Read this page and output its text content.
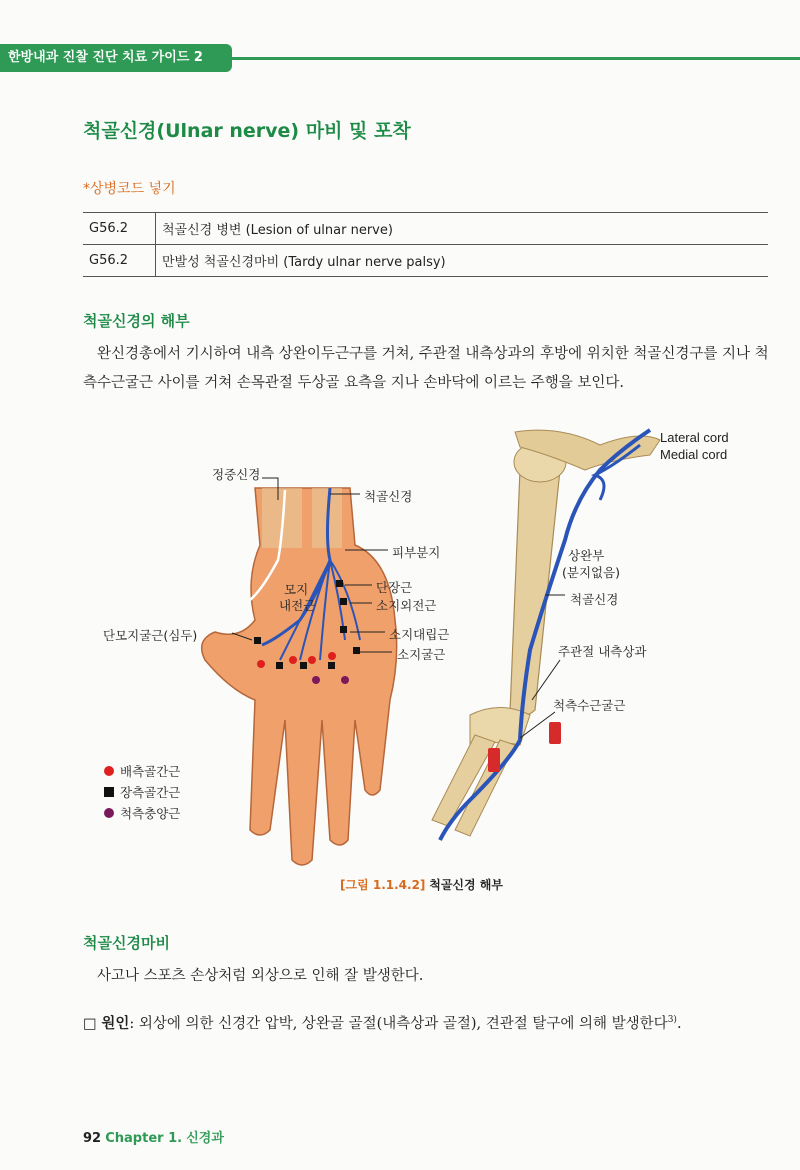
한방내과 진찰 진단 치료 가이드 2
척골신경(Ulnar nerve) 마비 및 포착
*상병코드 넣기
G56.2	척골신경 병변 (Lesion of ulnar nerve)
G56.2	만발성 척골신경마비 (Tardy ulnar nerve palsy)
척골신경의 해부
완신경총에서 기시하여 내측 상완이두근구를 거쳐, 주관절 내측상과의 후방에 위치한 척골신경구를 지나 척측수근굴근 사이를 거쳐 손목관절 두상골 요측을 지나 손바닥에 이르는 주행을 보인다.
정중신경
척골신경
피부분지
모지
내전근
단장근
소지외전근
소지대립근
소지굴근
단모지굴근(심두)
Lateral cord
Medial cord
상완부
(분지없음)
척골신경
주관절 내측상과
척측수근굴근
배측골간근
장측골간근
척측충양근
[그림 1.1.4.2] 척골신경 해부
척골신경마비
사고나 스포츠 손상처럼 외상으로 인해 잘 발생한다.
□ 원인: 외상에 의한 신경간 압박, 상완골 골절(내측상과 골절), 견관절 탈구에 의해 발생한다$^{3)}$.
92 Chapter 1. 신경과
